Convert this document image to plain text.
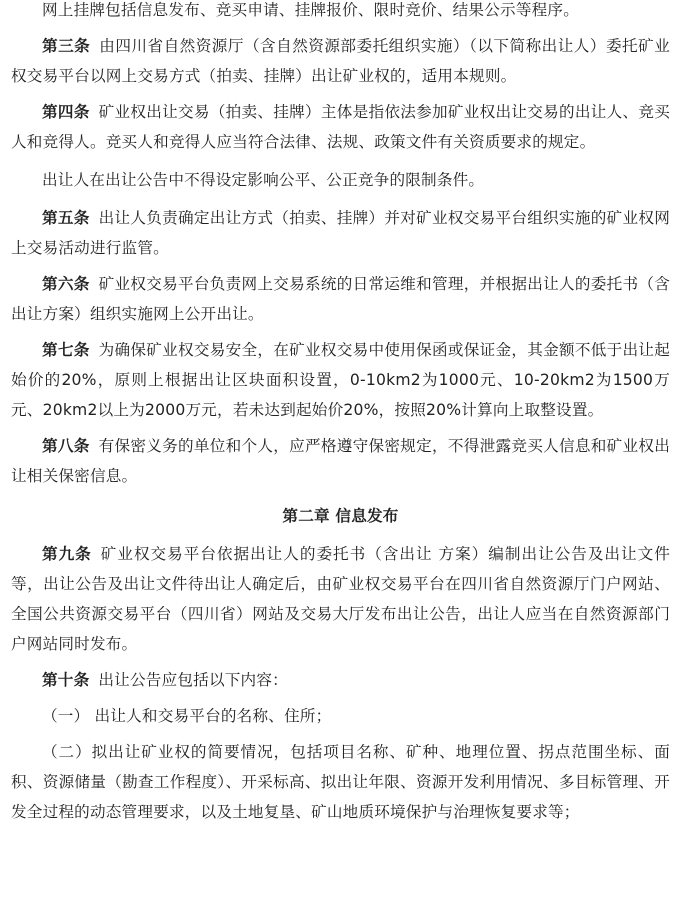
网上挂牌包括信息发布、竞买申请、挂牌报价、限时竞价、结果公示等程序。

第三条 由四川省自然资源厅（含自然资源部委托组织实施）（以下简称出让人）委托矿业权交易平台以网上交易方式（拍卖、挂牌）出让矿业权的，适用本规则。

第四条 矿业权出让交易（拍卖、挂牌）主体是指依法参加矿业权出让交易的出让人、竞买人和竞得人。竞买人和竞得人应当符合法律、法规、政策文件有关资质要求的规定。

出让人在出让公告中不得设定影响公平、公正竞争的限制条件。

第五条 出让人负责确定出让方式（拍卖、挂牌）并对矿业权交易平台组织实施的矿业权网上交易活动进行监管。

第六条 矿业权交易平台负责网上交易系统的日常运维和管理，并根据出让人的委托书（含出让方案）组织实施网上公开出让。

第七条 为确保矿业权交易安全，在矿业权交易中使用保函或保证金，其金额不低于出让起始价的20%，原则上根据出让区块面积设置，0-10km2为1000元、10-20km2为1500万元、20km2以上为2000万元，若未达到起始价20%，按照20%计算向上取整设置。

第八条 有保密义务的单位和个人，应严格遵守保密规定，不得泄露竞买人信息和矿业权出让相关保密信息。

第二章 信息发布

第九条 矿业权交易平台依据出让人的委托书（含出让 方案）编制出让公告及出让文件等，出让公告及出让文件待出让人确定后，由矿业权交易平台在四川省自然资源厅门户网站、全国公共资源交易平台（四川省）网站及交易大厅发布出让公告，出让人应当在自然资源部门户网站同时发布。

第十条 出让公告应包括以下内容：

（一） 出让人和交易平台的名称、住所；

（二）拟出让矿业权的简要情况，包括项目名称、矿种、地理位置、拐点范围坐标、面积、资源储量（勘查工作程度）、开采标高、拟出让年限、资源开发利用情况、多目标管理、开发全过程的动态管理要求，以及土地复垦、矿山地质环境保护与治理恢复要求等；
